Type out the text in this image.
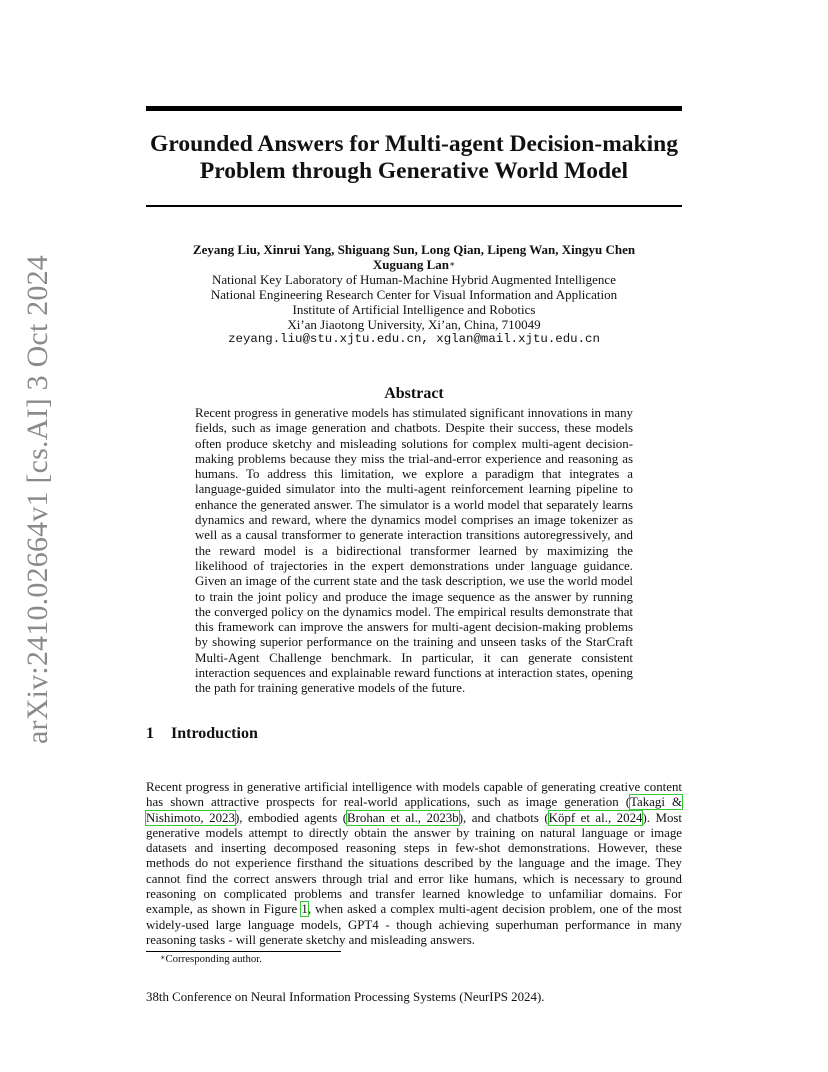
arXiv:2410.02664v1 [cs.AI] 3 Oct 2024
Grounded Answers for Multi-agent Decision-making
Problem through Generative World Model
Zeyang Liu, Xinrui Yang, Shiguang Sun, Long Qian, Lipeng Wan, Xingyu Chen
Xuguang Lan∗
National Key Laboratory of Human-Machine Hybrid Augmented Intelligence
National Engineering Research Center for Visual Information and Application
Institute of Artificial Intelligence and Robotics
Xi’an Jiaotong University, Xi’an, China, 710049
zeyang.liu@stu.xjtu.edu.cn, xglan@mail.xjtu.edu.cn
Abstract
Recent progress in generative models has stimulated significant innovations in many fields, such as image generation and chatbots. Despite their success, these models often produce sketchy and misleading solutions for complex multi-agent decision-making problems because they miss the trial-and-error experience and reasoning as humans. To address this limitation, we explore a paradigm that integrates a language-guided simulator into the multi-agent reinforcement learning pipeline to enhance the generated answer. The simulator is a world model that separately learns dynamics and reward, where the dynamics model comprises an image tokenizer as well as a causal transformer to generate interaction transitions autoregressively, and the reward model is a bidirectional transformer learned by maximizing the likelihood of trajectories in the expert demonstrations under language guidance. Given an image of the current state and the task description, we use the world model to train the joint policy and produce the image sequence as the answer by running the converged policy on the dynamics model. The empirical results demonstrate that this framework can improve the answers for multi-agent decision-making problems by showing superior performance on the training and unseen tasks of the StarCraft Multi-Agent Challenge benchmark. In particular, it can generate consistent interaction sequences and explainable reward functions at interaction states, opening the path for training generative models of the future.
1 Introduction
Recent progress in generative artificial intelligence with models capable of generating creative content has shown attractive prospects for real-world applications, such as image generation (Takagi & Nishimoto, 2023), embodied agents (Brohan et al., 2023b), and chatbots (Köpf et al., 2024). Most generative models attempt to directly obtain the answer by training on natural language or image datasets and inserting decomposed reasoning steps in few-shot demonstrations. However, these methods do not experience firsthand the situations described by the language and the image. They cannot find the correct answers through trial and error like humans, which is necessary to ground reasoning on complicated problems and transfer learned knowledge to unfamiliar domains. For example, as shown in Figure 1, when asked a complex multi-agent decision problem, one of the most widely-used large language models, GPT4 - though achieving superhuman performance in many reasoning tasks - will generate sketchy and misleading answers.
∗Corresponding author.
38th Conference on Neural Information Processing Systems (NeurIPS 2024).
